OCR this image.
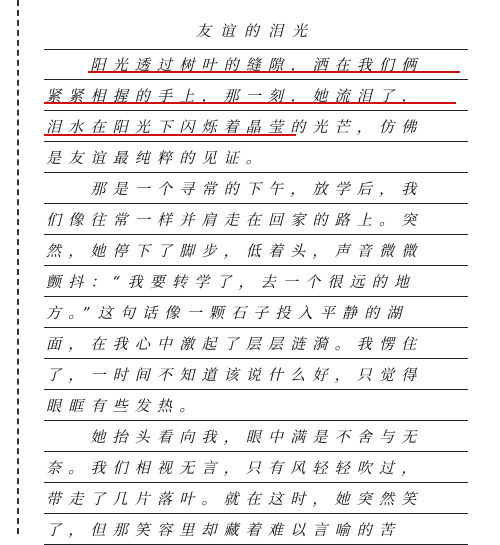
友谊的泪光
　　阳光透过树叶的缝隙，洒在我们俩
紧紧相握的手上，那一刻，她流泪了，
泪水在阳光下闪烁着晶莹的光芒，仿佛
是友谊最纯粹的见证。
　　那是一个寻常的下午，放学后，我
们像往常一样并肩走在回家的路上。突
然，她停下了脚步，低着头，声音微微
颤抖：“我要转学了，去一个很远的地
方。”这句话像一颗石子投入平静的湖
面，在我心中激起了层层涟漪。我愣住
了，一时间不知道该说什么好，只觉得
眼眶有些发热。
　　她抬头看向我，眼中满是不舍与无
奈。我们相视无言，只有风轻轻吹过，
带走了几片落叶。就在这时，她突然笑
了，但那笑容里却藏着难以言喻的苦
